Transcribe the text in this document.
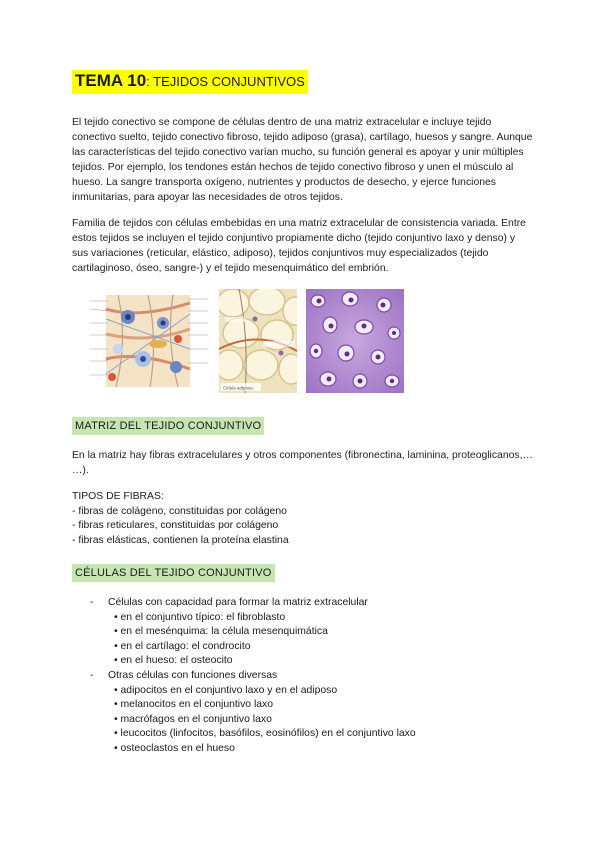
TEMA 10: TEJIDOS CONJUNTIVOS
El tejido conectivo se compone de células dentro de una matriz extracelular e incluye tejido conectivo suelto, tejido conectivo fibroso, tejido adiposo (grasa), cartílago, huesos y sangre. Aunque las características del tejido conectivo varían mucho, su función general es apoyar y unir múltiples tejidos. Por ejemplo, los tendones están hechos de tejido conectivo fibroso y unen el músculo al hueso. La sangre transporta oxígeno, nutrientes y productos de desecho, y ejerce funciones inmunitarias, para apoyar las necesidades de otros tejidos.
Familia de tejidos con células embebidas en una matriz extracelular de consistencia variada. Entre estos tejidos se incluyen el tejido conjuntivo propiamente dicho (tejido conjuntivo laxo y denso) y sus variaciones (reticular, elástico, adiposo), tejidos conjuntivos muy especializados (tejido cartilaginoso, óseo, sangre-) y el tejido mesenquimático del embrión.
Célula adiposa
MATRIZ DEL TEJIDO CONJUNTIVO
En la matriz hay fibras extracelulares y otros componentes (fibronectina, laminina, proteoglicanos,… …).
TIPOS DE FIBRAS:
- fibras de colágeno, constituidas por colágeno
- fibras reticulares, constituidas por colágeno
- fibras elásticas, contienen la proteína elastina
CÉLULAS DEL TEJIDO CONJUNTIVO
- Células con capacidad para formar la matriz extracelular
• en el conjuntivo típico: el fibroblasto
• en el mesénquima: la célula mesenquimática
• en el cartílago: el condrocito
• en el hueso: el osteocito
- Otras células con funciones diversas
• adipocitos en el conjuntivo laxo y en el adiposo
• melanocitos en el conjuntivo laxo
• macrófagos en el conjuntivo laxo
• leucocitos (linfocitos, basófilos, eosinófilos) en el conjuntivo laxo
• osteoclastos en el hueso
